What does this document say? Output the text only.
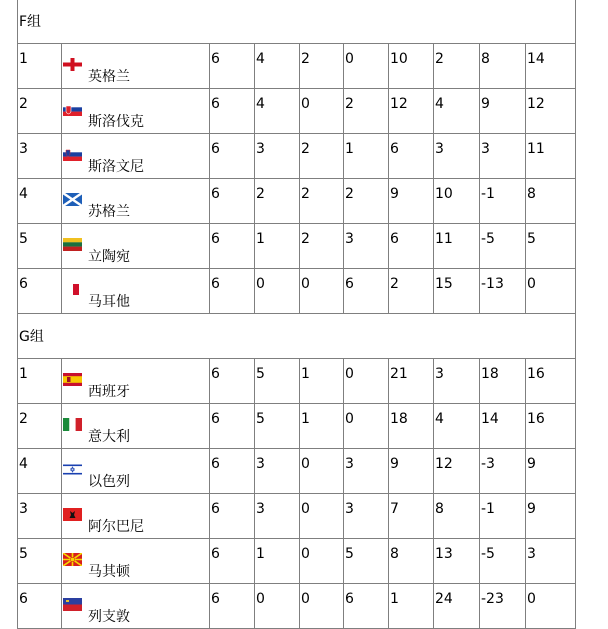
F组									
1	英格兰	6	4	2	0	10	2	8	14
2	斯洛伐克	6	4	0	2	12	4	9	12
3	斯洛文尼	6	3	2	1	6	3	3	11
4	苏格兰	6	2	2	2	9	10	-1	8
5	立陶宛	6	1	2	3	6	11	-5	5
6	马耳他	6	0	0	6	2	15	-13	0
G组									
1	西班牙	6	5	1	0	21	3	18	16
2	意大利	6	5	1	0	18	4	14	16
4	以色列	6	3	0	3	9	12	-3	9
3	阿尔巴尼	6	3	0	3	7	8	-1	9
5	马其顿	6	1	0	5	8	13	-5	3
6	列支敦	6	0	0	6	1	24	-23	0
